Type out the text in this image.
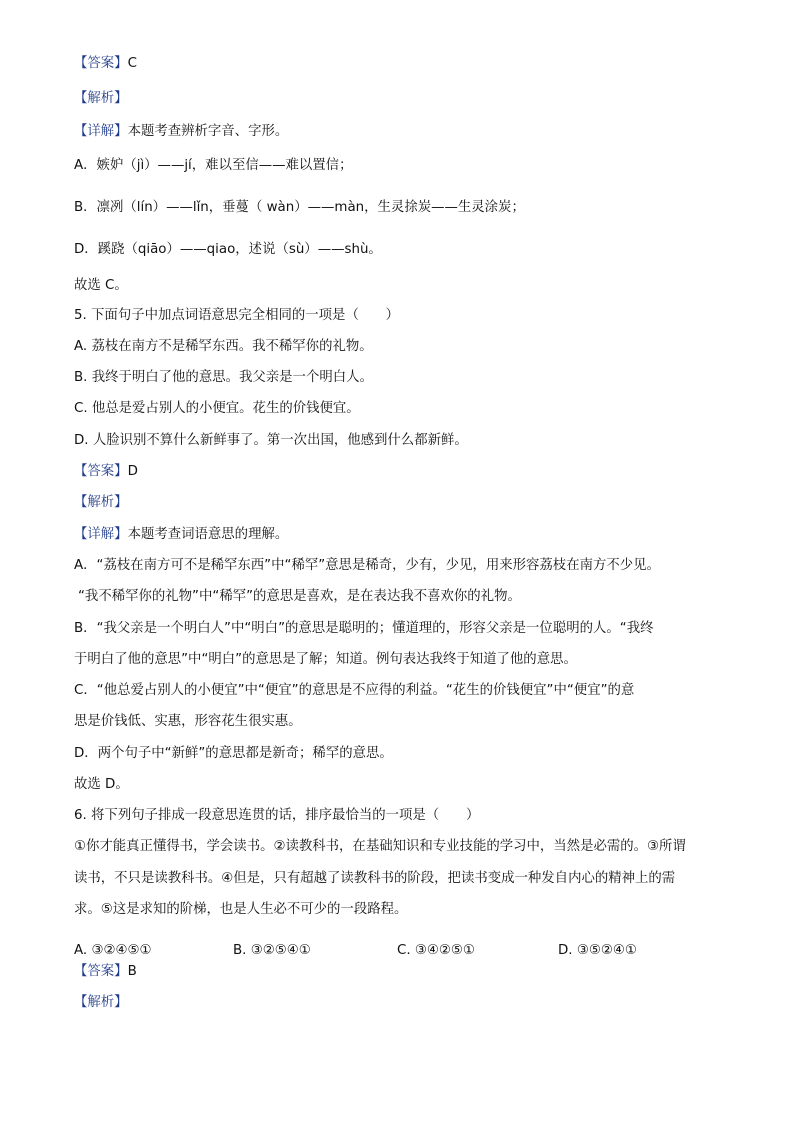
【答案】C
【解析】
【详解】本题考查辨析字音、字形。
A．嫉妒（jì）——jí，难以至信——难以置信；
B．凛冽（lín）——lǐn，垂蔓（ wàn）——màn，生灵捈炭——生灵涂炭；
D．蹊跷（qiāo）——qiao，述说（sù）——shù。
故选 C。
5. 下面句子中加点词语意思完全相同的一项是（　　）
A. 荔枝在南方不是稀罕东西。我不稀罕你的礼物。
B. 我终于明白了他的意思。我父亲是一个明白人。
C. 他总是爱占别人的小便宜。花生的价钱便宜。
D. 人脸识别不算什么新鲜事了。第一次出国，他感到什么都新鲜。
【答案】D
【解析】
【详解】本题考查词语意思的理解。
A．“荔枝在南方可不是稀罕东西”中“稀罕”意思是稀奇，少有，少见，用来形容荔枝在南方不少见。
“我不稀罕你的礼物”中“稀罕”的意思是喜欢，是在表达我不喜欢你的礼物。
B．“我父亲是一个明白人”中“明白”的意思是聪明的；懂道理的，形容父亲是一位聪明的人。“我终
于明白了他的意思”中“明白”的意思是了解；知道。例句表达我终于知道了他的意思。
C．“他总爱占别人的小便宜”中“便宜”的意思是不应得的利益。“花生的价钱便宜”中“便宜”的意
思是价钱低、实惠，形容花生很实惠。
D．两个句子中“新鲜”的意思都是新奇；稀罕的意思。
故选 D。
6. 将下列句子排成一段意思连贯的话，排序最恰当的一项是（　　）
①你才能真正懂得书，学会读书。②读教科书，在基础知识和专业技能的学习中，当然是必需的。③所谓
读书，不只是读教科书。④但是，只有超越了读教科书的阶段，把读书变成一种发自内心的精神上的需
求。⑤这是求知的阶梯，也是人生必不可少的一段路程。
【答案】B
【解析】
A. ③②④⑤①	B. ③②⑤④①	C. ③④②⑤①	D. ③⑤②④①
